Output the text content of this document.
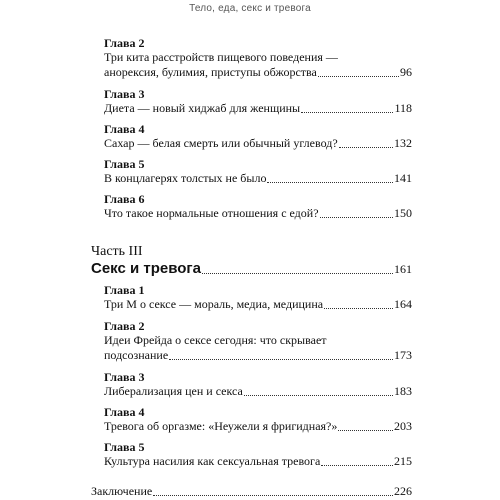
Тело, еда, секс и тревога
Глава 2
Три кита расстройств пищевого поведения —
анорексия, булимия, приступы обжорства	96
Глава 3
Диета — новый хиджаб для женщины	118
Глава 4
Сахар — белая смерть или обычный углевод?	132
Глава 5
В концлагерях толстых не было	141
Глава 6
Что такое нормальные отношения с едой?	150
Часть III
Секс и тревога	161
Глава 1
Три М о сексе — мораль, медиа, медицина	164
Глава 2
Идеи Фрейда о сексе сегодня: что скрывает
подсознание	173
Глава 3
Либерализация цен и секса	183
Глава 4
Тревога об оргазме: «Неужели я фригидная?»	203
Глава 5
Культура насилия как сексуальная тревога	215
Заключение	226
